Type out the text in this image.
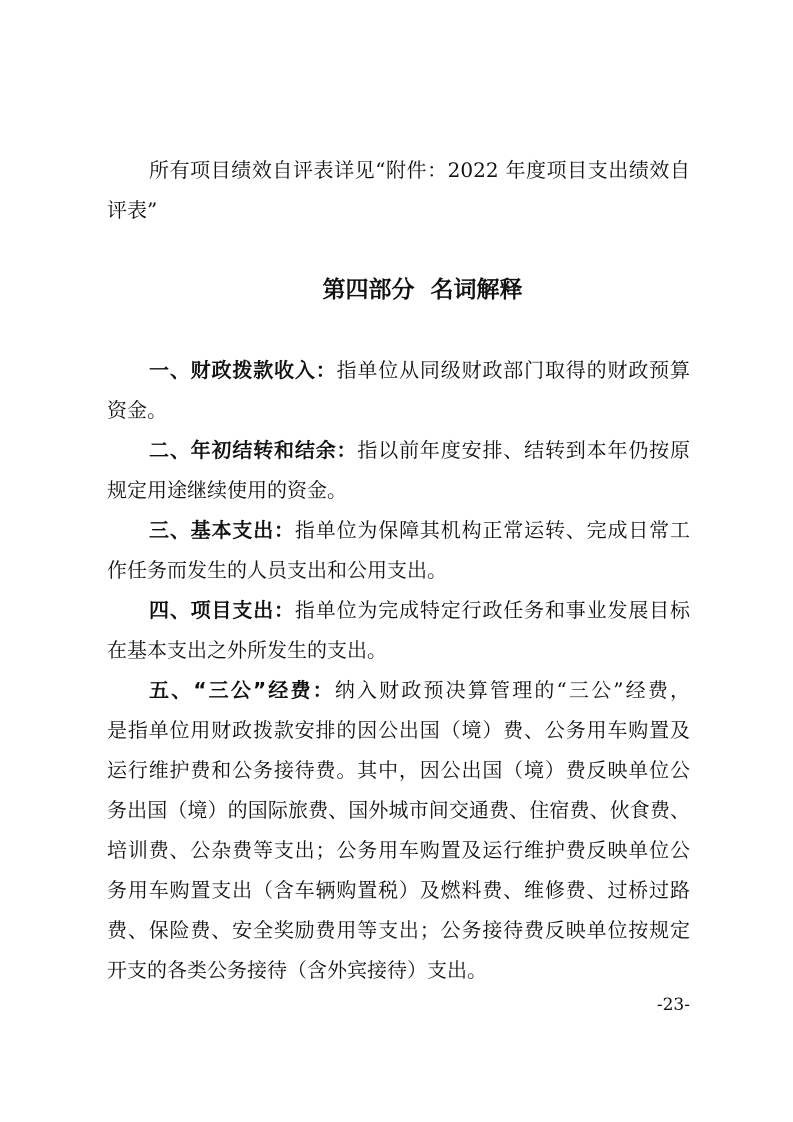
所有项目绩效自评表详见“附件：2022 年度项目支出绩效自
评表”
第四部分  名词解释
一、财政拨款收入：指单位从同级财政部门取得的财政预算
资金。
二、年初结转和结余：指以前年度安排、结转到本年仍按原
规定用途继续使用的资金。
三、基本支出：指单位为保障其机构正常运转、完成日常工
作任务而发生的人员支出和公用支出。
四、项目支出：指单位为完成特定行政任务和事业发展目标
在基本支出之外所发生的支出。
五、“三公”经费：纳入财政预决算管理的“三公”经费，
是指单位用财政拨款安排的因公出国（境）费、公务用车购置及
运行维护费和公务接待费。其中，因公出国（境）费反映单位公
务出国（境）的国际旅费、国外城市间交通费、住宿费、伙食费、
培训费、公杂费等支出；公务用车购置及运行维护费反映单位公
务用车购置支出（含车辆购置税）及燃料费、维修费、过桥过路
费、保险费、安全奖励费用等支出；公务接待费反映单位按规定
开支的各类公务接待（含外宾接待）支出。
-23-
